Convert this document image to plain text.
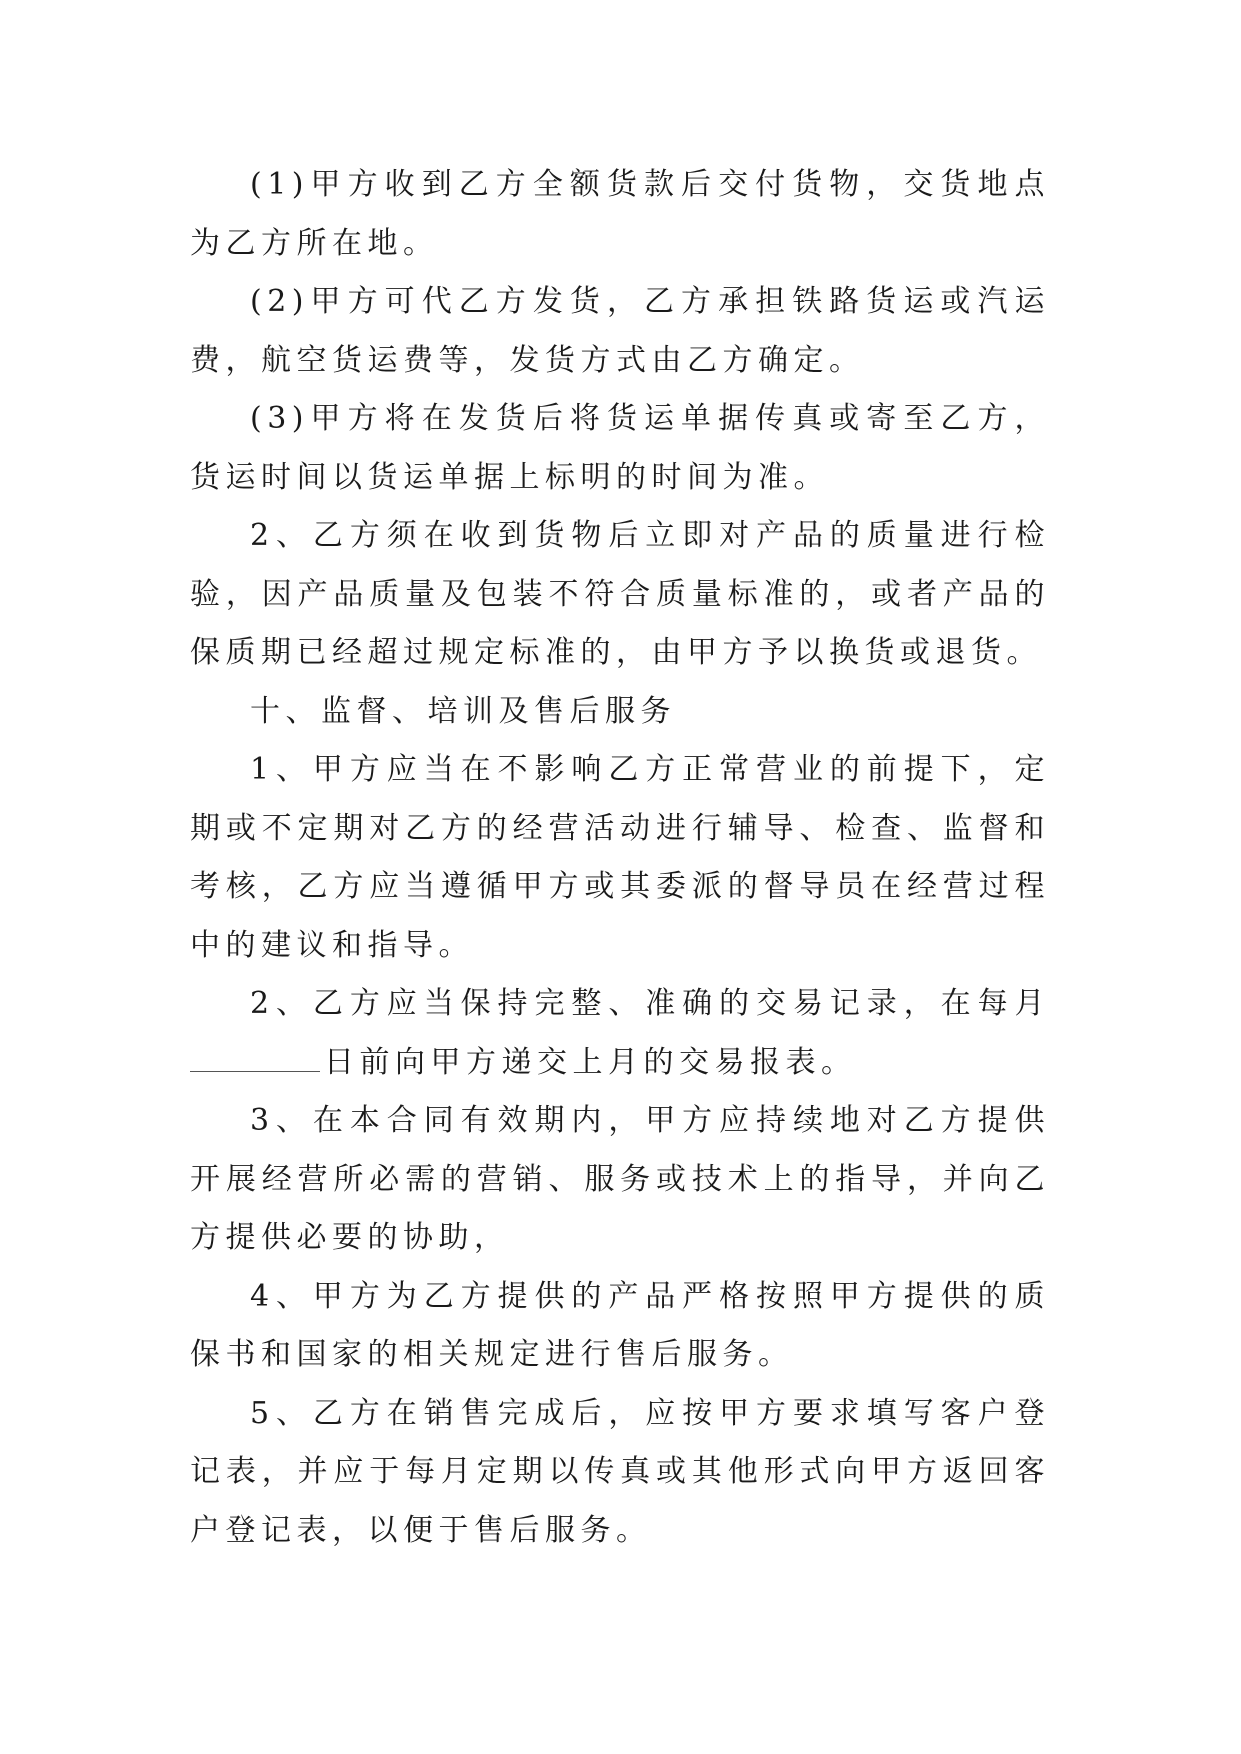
(1)甲方收到乙方全额货款后交付货物，交货地点为乙方所在地。

(2)甲方可代乙方发货，乙方承担铁路货运或汽运费，航空货运费等，发货方式由乙方确定。

(3)甲方将在发货后将货运单据传真或寄至乙方，货运时间以货运单据上标明的时间为准。

2、乙方须在收到货物后立即对产品的质量进行检验，因产品质量及包装不符合质量标准的，或者产品的保质期已经超过规定标准的，由甲方予以换货或退货。

十、监督、培训及售后服务

1、甲方应当在不影响乙方正常营业的前提下，定期或不定期对乙方的经营活动进行辅导、检查、监督和考核，乙方应当遵循甲方或其委派的督导员在经营过程中的建议和指导。

2、乙方应当保持完整、准确的交易记录，在每月日前向甲方递交上月的交易报表。

3、在本合同有效期内，甲方应持续地对乙方提供开展经营所必需的营销、服务或技术上的指导，并向乙方提供必要的协助，

4、甲方为乙方提供的产品严格按照甲方提供的质保书和国家的相关规定进行售后服务。

5、乙方在销售完成后，应按甲方要求填写客户登记表，并应于每月定期以传真或其他形式向甲方返回客户登记表，以便于售后服务。
